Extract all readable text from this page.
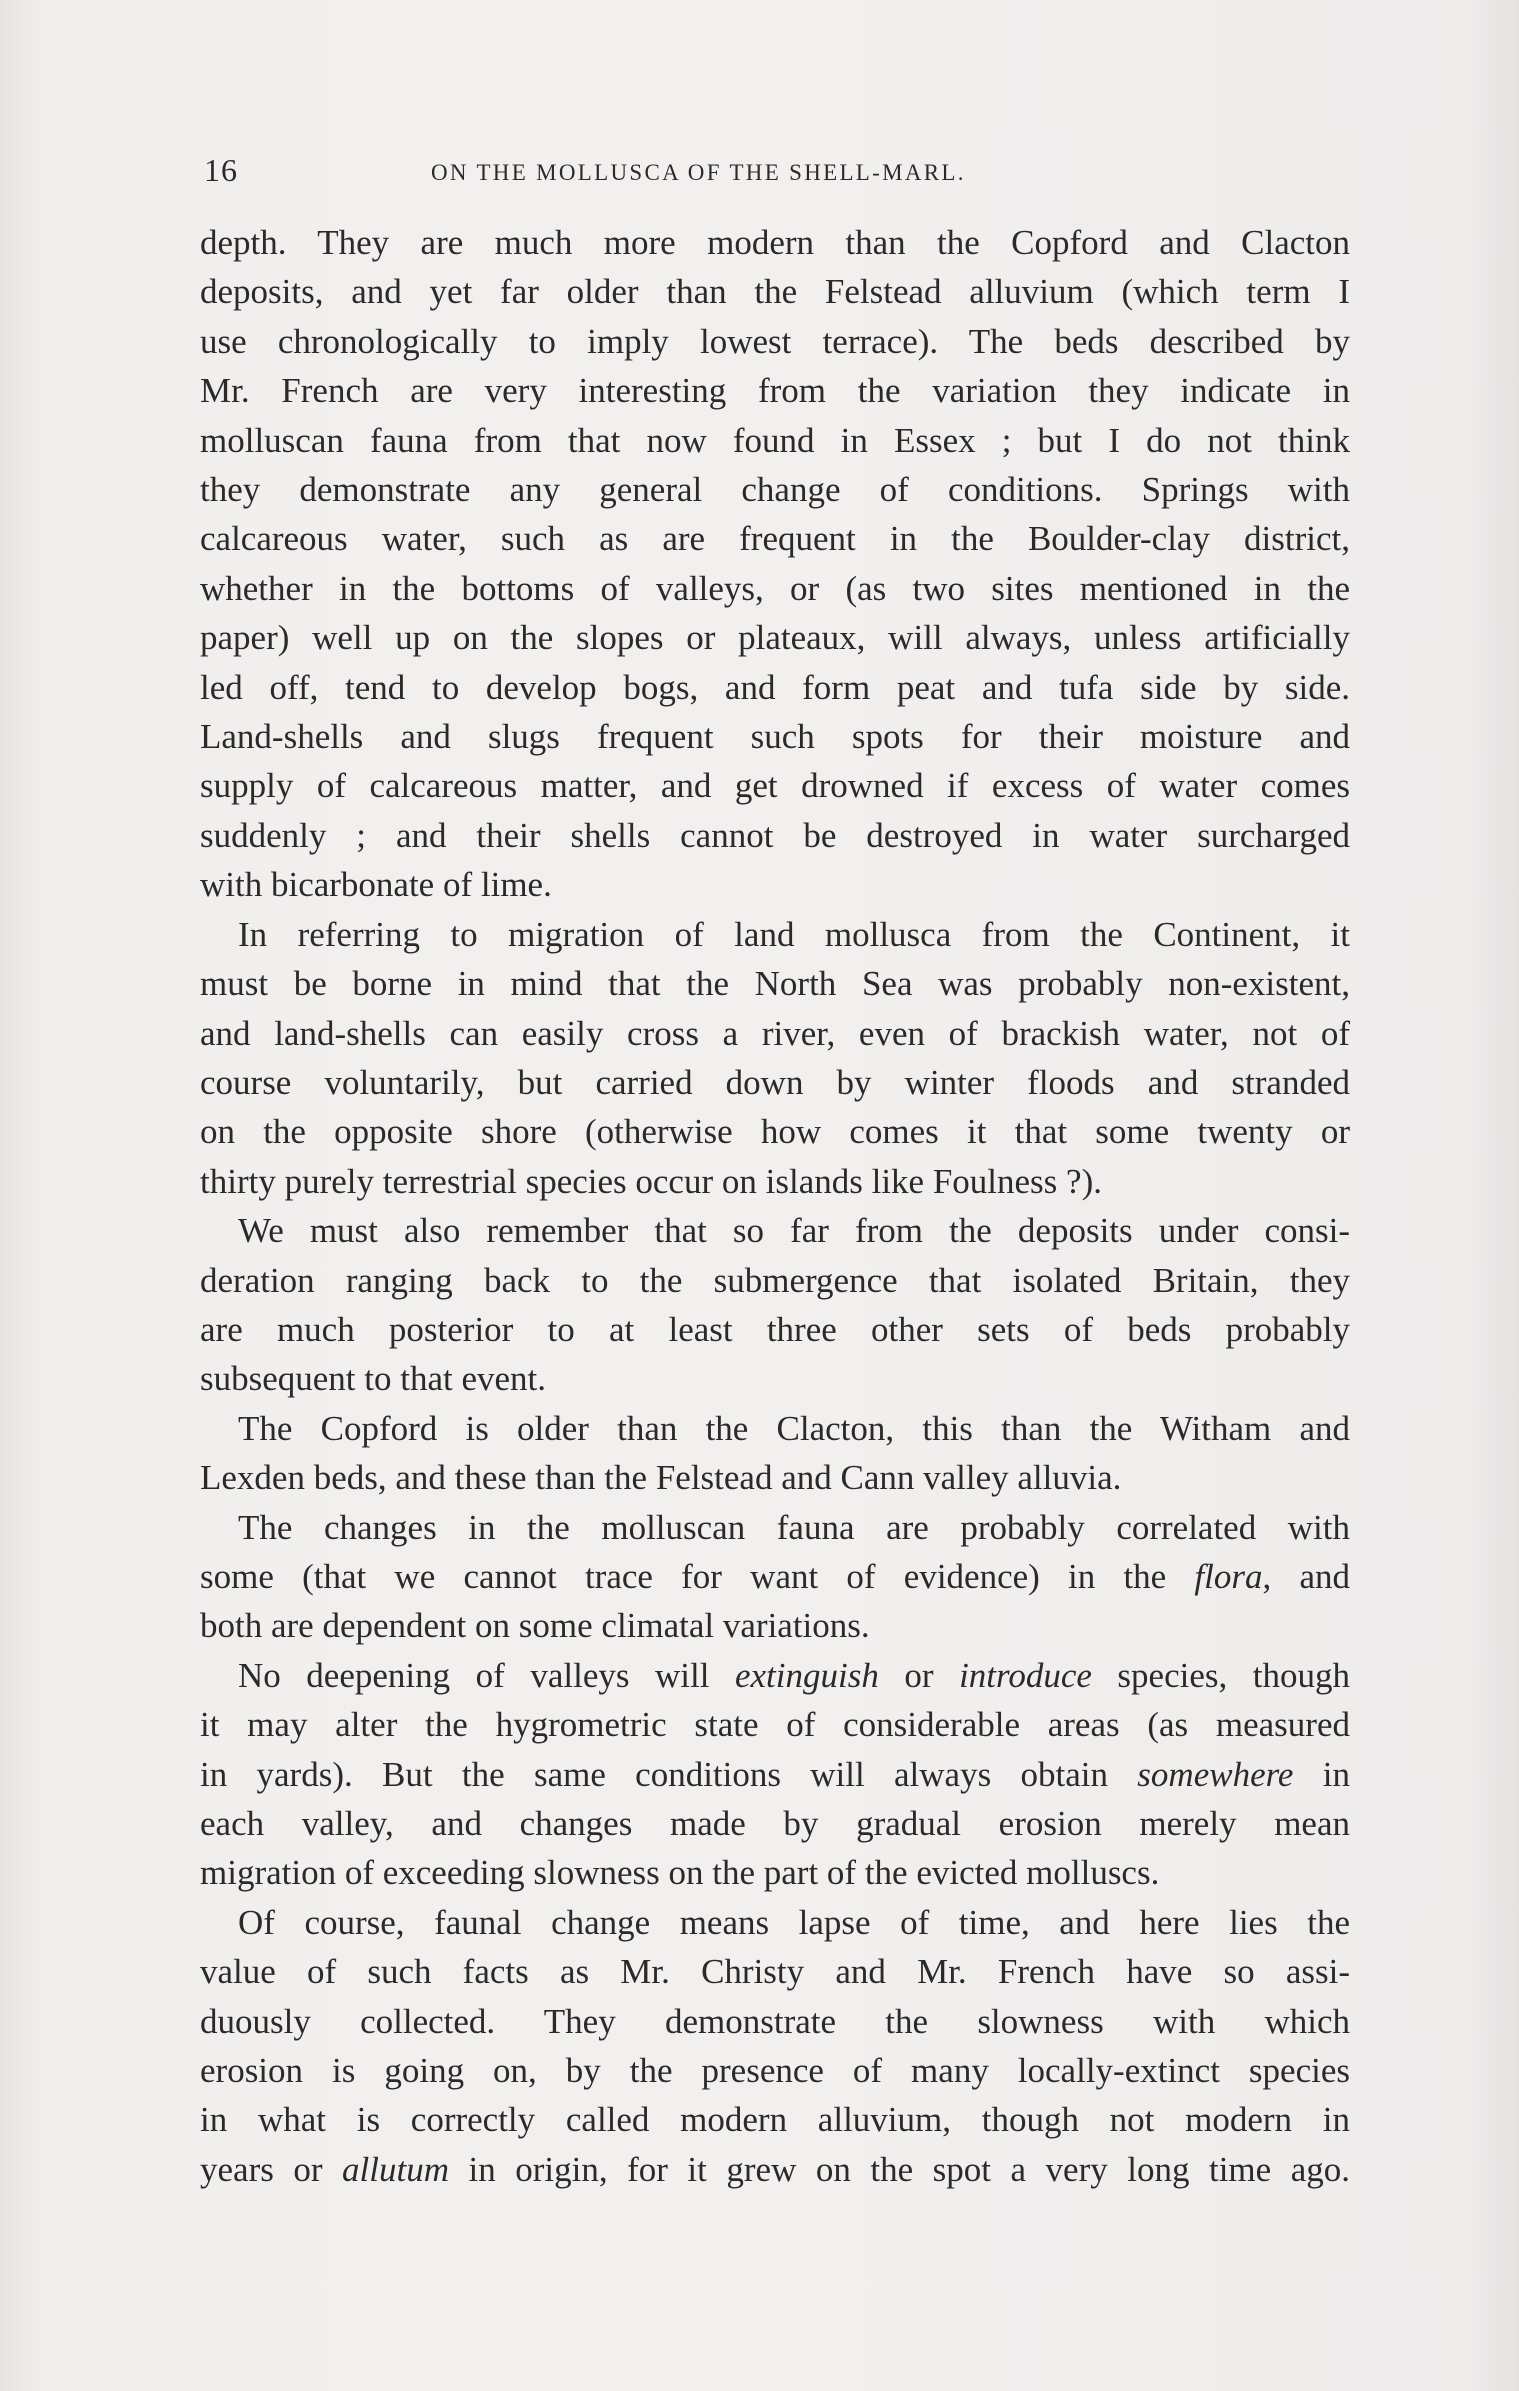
16	ON THE MOLLUSCA OF THE SHELL-MARL.

depth. They are much more modern than the Copford and Clacton
deposits, and yet far older than the Felstead alluvium (which term I
use chronologically to imply lowest terrace). The beds described by
Mr. French are very interesting from the variation they indicate in
molluscan fauna from that now found in Essex ; but I do not think
they demonstrate any general change of conditions. Springs with
calcareous water, such as are frequent in the Boulder-clay district,
whether in the bottoms of valleys, or (as two sites mentioned in the
paper) well up on the slopes or plateaux, will always, unless artificially
led off, tend to develop bogs, and form peat and tufa side by side.
Land-shells and slugs frequent such spots for their moisture and
supply of calcareous matter, and get drowned if excess of water comes
suddenly ; and their shells cannot be destroyed in water surcharged
with bicarbonate of lime.

In referring to migration of land mollusca from the Continent, it
must be borne in mind that the North Sea was probably non-existent,
and land-shells can easily cross a river, even of brackish water, not of
course voluntarily, but carried down by winter floods and stranded
on the opposite shore (otherwise how comes it that some twenty or
thirty purely terrestrial species occur on islands like Foulness ?).

We must also remember that so far from the deposits under consi-
deration ranging back to the submergence that isolated Britain, they
are much posterior to at least three other sets of beds probably
subsequent to that event.

The Copford is older than the Clacton, this than the Witham and
Lexden beds, and these than the Felstead and Cann valley alluvia.

The changes in the molluscan fauna are probably correlated with
some (that we cannot trace for want of evidence) in the flora, and
both are dependent on some climatal variations.

No deepening of valleys will extinguish or introduce species, though
it may alter the hygrometric state of considerable areas (as measured
in yards). But the same conditions will always obtain somewhere in
each valley, and changes made by gradual erosion merely mean
migration of exceeding slowness on the part of the evicted molluscs.

Of course, faunal change means lapse of time, and here lies the
value of such facts as Mr. Christy and Mr. French have so assi-
duously collected. They demonstrate the slowness with which
erosion is going on, by the presence of many locally-extinct species
in what is correctly called modern alluvium, though not modern in
years or allutum in origin, for it grew on the spot a very long time ago.
